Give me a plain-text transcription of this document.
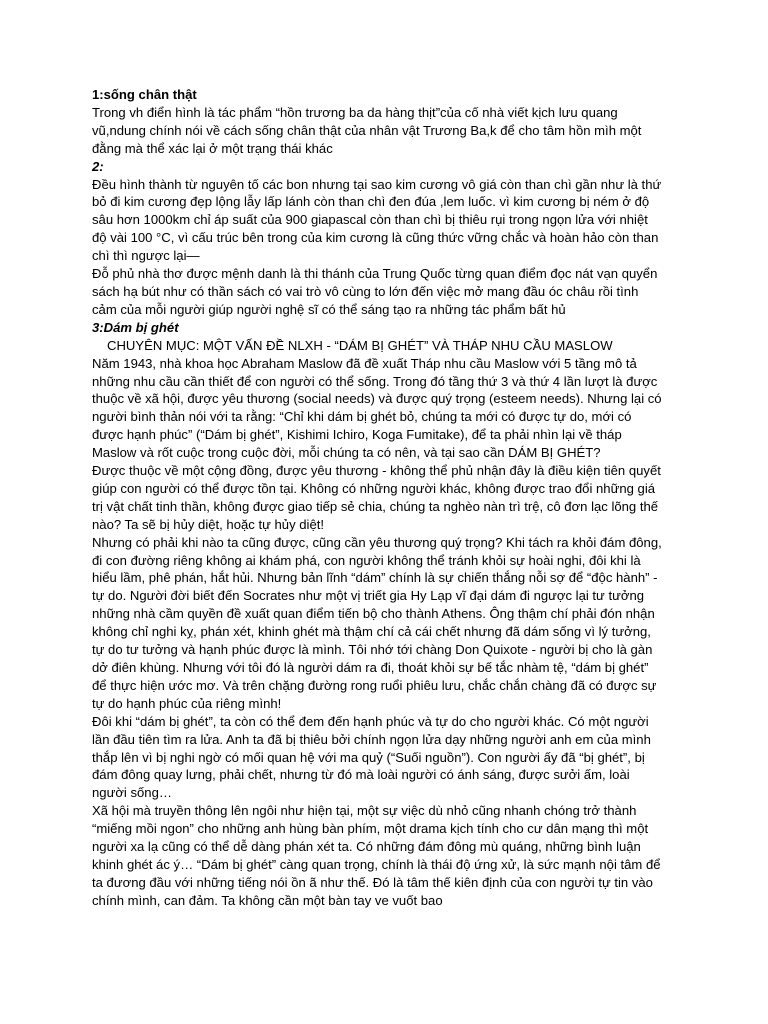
1:sống chân thật

Trong vh điển hình là tác phẩm “hồn trương ba da hàng thịt”của cố nhà viết kịch lưu quang vũ,ndung chính nói về cách sống chân thật của nhân vật Trương Ba,k để cho tâm hồn mìh một đằng mà thể xác lại ở một trạng thái khác

2:

Đều hình thành từ nguyên tố các bon nhưng tại sao kim cương vô giá còn than chì gần như là thứ bỏ đi kim cương đẹp lộng lẫy lấp lánh còn than chì đen đúa ,lem luốc. vì kim cương bị ném ở độ sâu hơn 1000km chỉ áp suất của 900 giapascal còn than chì bị thiêu rụi trong ngọn lửa với nhiệt độ vài 100 °C, vì cấu trúc bên trong của kim cương là cũng thức vững chắc và hoàn hảo còn than chì thì ngược lại—

Đỗ phủ nhà thơ được mệnh danh là thi thánh của Trung Quốc từng quan điểm đọc nát vạn quyển sách hạ bút như có thần sách có vai trò vô cùng to lớn đến việc mở mang đầu óc châu rồi tình cảm của mỗi người giúp người nghệ sĩ có thể sáng tạo ra những tác phẩm bất hủ

3:Dám bị ghét

CHUYÊN MỤC: MỘT VẤN ĐỀ NLXH - “DÁM BỊ GHÉT” VÀ THÁP NHU CẦU MASLOW

Năm 1943, nhà khoa học Abraham Maslow đã đề xuất Tháp nhu cầu Maslow với 5 tầng mô tả những nhu cầu cần thiết để con người có thể sống. Trong đó tầng thứ 3 và thứ 4 lần lượt là được thuộc về xã hội, được yêu thương (social needs) và được quý trọng (esteem needs). Nhưng lại có người bình thản nói với ta rằng: “Chỉ khi dám bị ghét bỏ, chúng ta mới có được tự do, mới có được hạnh phúc” (“Dám bị ghét”, Kishimi Ichiro, Koga Fumitake), để ta phải nhìn lại về tháp Maslow và rốt cuộc trong cuộc đời, mỗi chúng ta có nên, và tại sao cần DÁM BỊ GHÉT?

Được thuộc về một cộng đồng, được yêu thương - không thể phủ nhận đây là điều kiện tiên quyết giúp con người có thể được tồn tại. Không có những người khác, không được trao đổi những giá trị vật chất tinh thần, không được giao tiếp sẻ chia, chúng ta nghèo nàn trì trệ, cô đơn lạc lõng thế nào? Ta sẽ bị hủy diệt, hoặc tự hủy diệt!

Nhưng có phải khi nào ta cũng được, cũng cần yêu thương quý trọng? Khi tách ra khỏi đám đông, đi con đường riêng không ai khám phá, con người không thể tránh khỏi sự hoài nghi, đôi khi là hiểu lầm, phê phán, hắt hủi. Nhưng bản lĩnh “dám” chính là sự chiến thắng nỗi sợ để “độc hành” - tự do. Người đời biết đến Socrates như một vị triết gia Hy Lạp vĩ đại dám đi ngược lại tư tưởng những nhà cầm quyền đề xuất quan điểm tiến bộ cho thành Athens. Ông thậm chí phải đón nhận không chỉ nghi kỵ, phán xét, khinh ghét mà thậm chí cả cái chết nhưng đã dám sống vì lý tưởng, tự do tư tưởng và hạnh phúc được là mình. Tôi nhớ tới chàng Don Quixote - người bị cho là gàn dở điên khùng. Nhưng với tôi đó là người dám ra đi, thoát khỏi sự bế tắc nhàm tệ, “dám bị ghét” để thực hiện ước mơ. Và trên chặng đường rong ruổi phiêu lưu, chắc chắn chàng đã có được sự tự do hạnh phúc của riêng mình!

Đôi khi “dám bị ghét”, ta còn có thể đem đến hạnh phúc và tự do cho người khác. Có một người lần đầu tiên tìm ra lửa. Anh ta đã bị thiêu bởi chính ngọn lửa dạy những người anh em của mình thắp lên vì bị nghi ngờ có mối quan hệ với ma quỷ (“Suối nguồn”). Con người ấy đã “bị ghét”, bị đám đông quay lưng, phải chết, nhưng từ đó mà loài người có ánh sáng, được sưởi ấm, loài người sống…

Xã hội mà truyền thông lên ngôi như hiện tại, một sự việc dù nhỏ cũng nhanh chóng trở thành “miếng mồi ngon” cho những anh hùng bàn phím, một drama kịch tính cho cư dân mạng thì một người xa lạ cũng có thể dễ dàng phán xét ta. Có những đám đông mù quáng, những bình luận khinh ghét ác ý… “Dám bị ghét” càng quan trọng, chính là thái độ ứng xử, là sức mạnh nội tâm để ta đương đầu với những tiếng nói ồn ã như thế. Đó là tâm thế kiên định của con người tự tin vào chính mình, can đảm. Ta không cần một bàn tay ve vuốt bao
